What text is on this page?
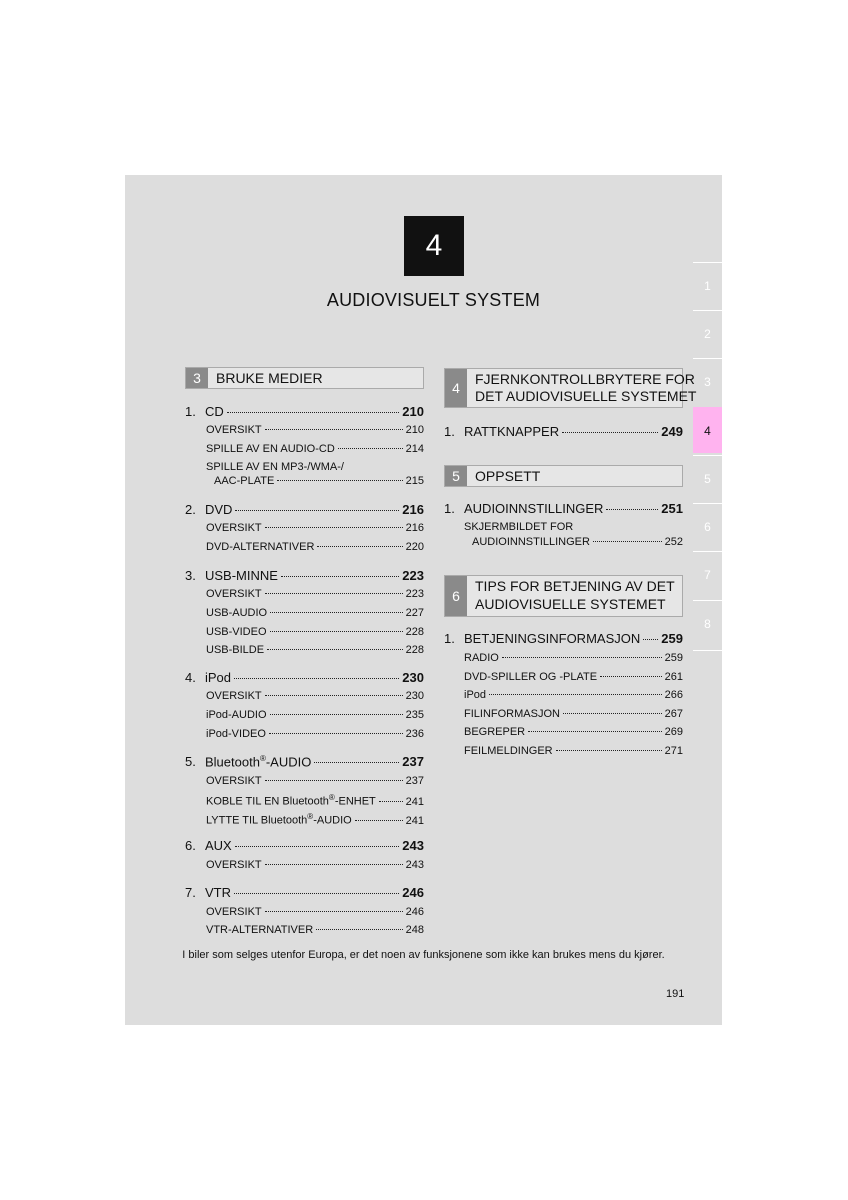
4
AUDIOVISUELT SYSTEM
1
2
3
4
5
6
7
8
3	BRUKE MEDIER
1. CD	210
OVERSIKT	210
SPILLE AV EN AUDIO-CD	214
SPILLE AV EN MP3-/WMA-/
AAC-PLATE	215
2. DVD	216
OVERSIKT	216
DVD-ALTERNATIVER	220
3. USB-MINNE	223
OVERSIKT	223
USB-AUDIO	227
USB-VIDEO	228
USB-BILDE	228
4. iPod	230
OVERSIKT	230
iPod-AUDIO	235
iPod-VIDEO	236
5. Bluetooth®-AUDIO	237
OVERSIKT	237
KOBLE TIL EN Bluetooth®-ENHET	241
LYTTE TIL Bluetooth®-AUDIO	241
6. AUX	243
OVERSIKT	243
7. VTR	246
OVERSIKT	246
VTR-ALTERNATIVER	248
4
FJERNKONTROLLBRYTERE FOR
DET AUDIOVISUELLE SYSTEMET
1. RATTKNAPPER	249
5	OPPSETT
1. AUDIOINNSTILLINGER	251
SKJERMBILDET FOR
AUDIOINNSTILLINGER	252
6
TIPS FOR BETJENING AV DET
AUDIOVISUELLE SYSTEMET
1. BETJENINGSINFORMASJON 259
RADIO	259
DVD-SPILLER OG -PLATE	261
iPod	266
FILINFORMASJON	267
BEGREPER	269
FEILMELDINGER	271
I biler som selges utenfor Europa, er det noen av funksjonene som ikke kan brukes mens du kjører.
191
